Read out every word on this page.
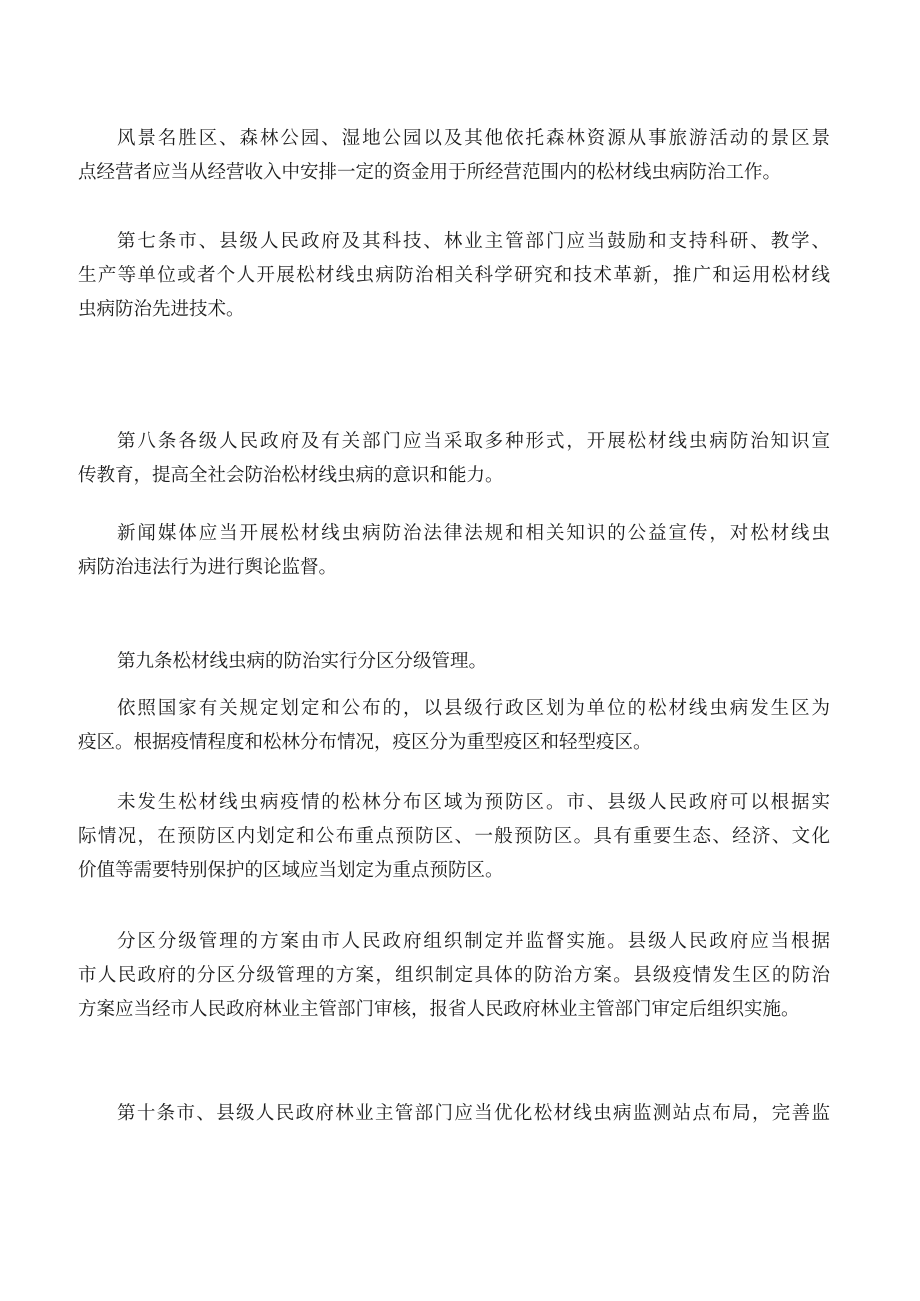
风景名胜区、森林公园、湿地公园以及其他依托森林资源从事旅游活动的景区景
点经营者应当从经营收入中安排一定的资金用于所经营范围内的松材线虫病防治工作。
第七条市、县级人民政府及其科技、林业主管部门应当鼓励和支持科研、教学、
生产等单位或者个人开展松材线虫病防治相关科学研究和技术革新，推广和运用松材线
虫病防治先进技术。
第八条各级人民政府及有关部门应当采取多种形式，开展松材线虫病防治知识宣
传教育，提高全社会防治松材线虫病的意识和能力。
新闻媒体应当开展松材线虫病防治法律法规和相关知识的公益宣传，对松材线虫
病防治违法行为进行舆论监督。
第九条松材线虫病的防治实行分区分级管理。
依照国家有关规定划定和公布的，以县级行政区划为单位的松材线虫病发生区为
疫区。根据疫情程度和松林分布情况，疫区分为重型疫区和轻型疫区。
未发生松材线虫病疫情的松林分布区域为预防区。市、县级人民政府可以根据实
际情况，在预防区内划定和公布重点预防区、一般预防区。具有重要生态、经济、文化
价值等需要特别保护的区域应当划定为重点预防区。
分区分级管理的方案由市人民政府组织制定并监督实施。县级人民政府应当根据
市人民政府的分区分级管理的方案，组织制定具体的防治方案。县级疫情发生区的防治
方案应当经市人民政府林业主管部门审核，报省人民政府林业主管部门审定后组织实施。
第十条市、县级人民政府林业主管部门应当优化松材线虫病监测站点布局，完善监
